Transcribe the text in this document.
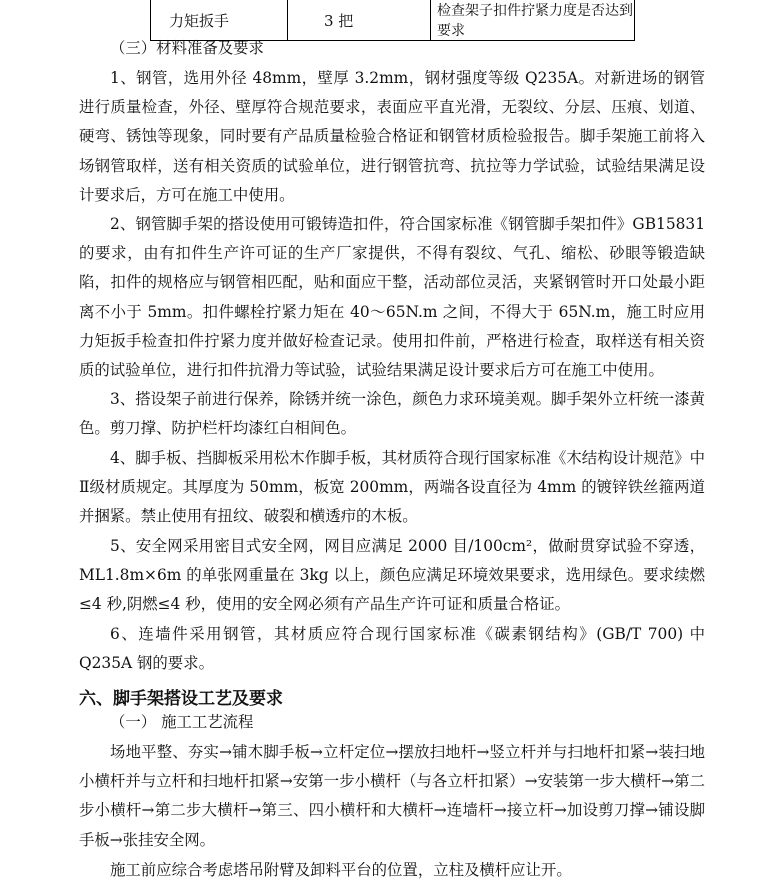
力矩扳手	3 把	检查架子扣件拧紧力度是否达到要求
（三）材料准备及要求

1、钢管，选用外径 48mm，壁厚 3.2mm，钢材强度等级 Q235A。对新进场的钢管进行质量检查，外径、壁厚符合规范要求，表面应平直光滑，无裂纹、分层、压痕、划道、硬弯、锈蚀等现象，同时要有产品质量检验合格证和钢管材质检验报告。脚手架施工前将入场钢管取样，送有相关资质的试验单位，进行钢管抗弯、抗拉等力学试验，试验结果满足设计要求后，方可在施工中使用。

2、钢管脚手架的搭设使用可锻铸造扣件，符合国家标准《钢管脚手架扣件》GB15831的要求，由有扣件生产许可证的生产厂家提供，不得有裂纹、气孔、缩松、砂眼等锻造缺陷，扣件的规格应与钢管相匹配，贴和面应干整，活动部位灵活，夹紧钢管时开口处最小距离不小于 5mm。扣件螺栓拧紧力矩在 40～65N.m 之间，不得大于 65N.m，施工时应用力矩扳手检查扣件拧紧力度并做好检查记录。使用扣件前，严格进行检查，取样送有相关资质的试验单位，进行扣件抗滑力等试验，试验结果满足设计要求后方可在施工中使用。

3、搭设架子前进行保养，除锈并统一涂色，颜色力求环境美观。脚手架外立杆统一漆黄色。剪刀撑、防护栏杆均漆红白相间色。

4、脚手板、挡脚板采用松木作脚手板，其材质符合现行国家标准《木结构设计规范》中Ⅱ级材质规定。其厚度为 50mm，板宽 200mm，两端各设直径为 4mm 的镀锌铁丝箍两道并捆紧。禁止使用有扭纹、破裂和横透疖的木板。

5、安全网采用密目式安全网，网目应满足 2000 目/100cm²，做耐贯穿试验不穿透，ML1.8m×6m 的单张网重量在 3kg 以上，颜色应满足环境效果要求，选用绿色。要求续燃≤4 秒,阴燃≤4 秒，使用的安全网必须有产品生产许可证和质量合格证。

6、连墙件采用钢管，其材质应符合现行国家标准《碳素钢结构》(GB/T 700) 中 Q235A 钢的要求。

六、脚手架搭设工艺及要求
（一） 施工工艺流程

场地平整、夯实→铺木脚手板→立杆定位→摆放扫地杆→竖立杆并与扫地杆扣紧→装扫地小横杆并与立杆和扫地杆扣紧→安第一步小横杆（与各立杆扣紧）→安装第一步大横杆→第二步小横杆→第二步大横杆→第三、四小横杆和大横杆→连墙杆→接立杆→加设剪刀撑→铺设脚手板→张挂安全网。

施工前应综合考虑塔吊附臂及卸料平台的位置，立柱及横杆应让开。
